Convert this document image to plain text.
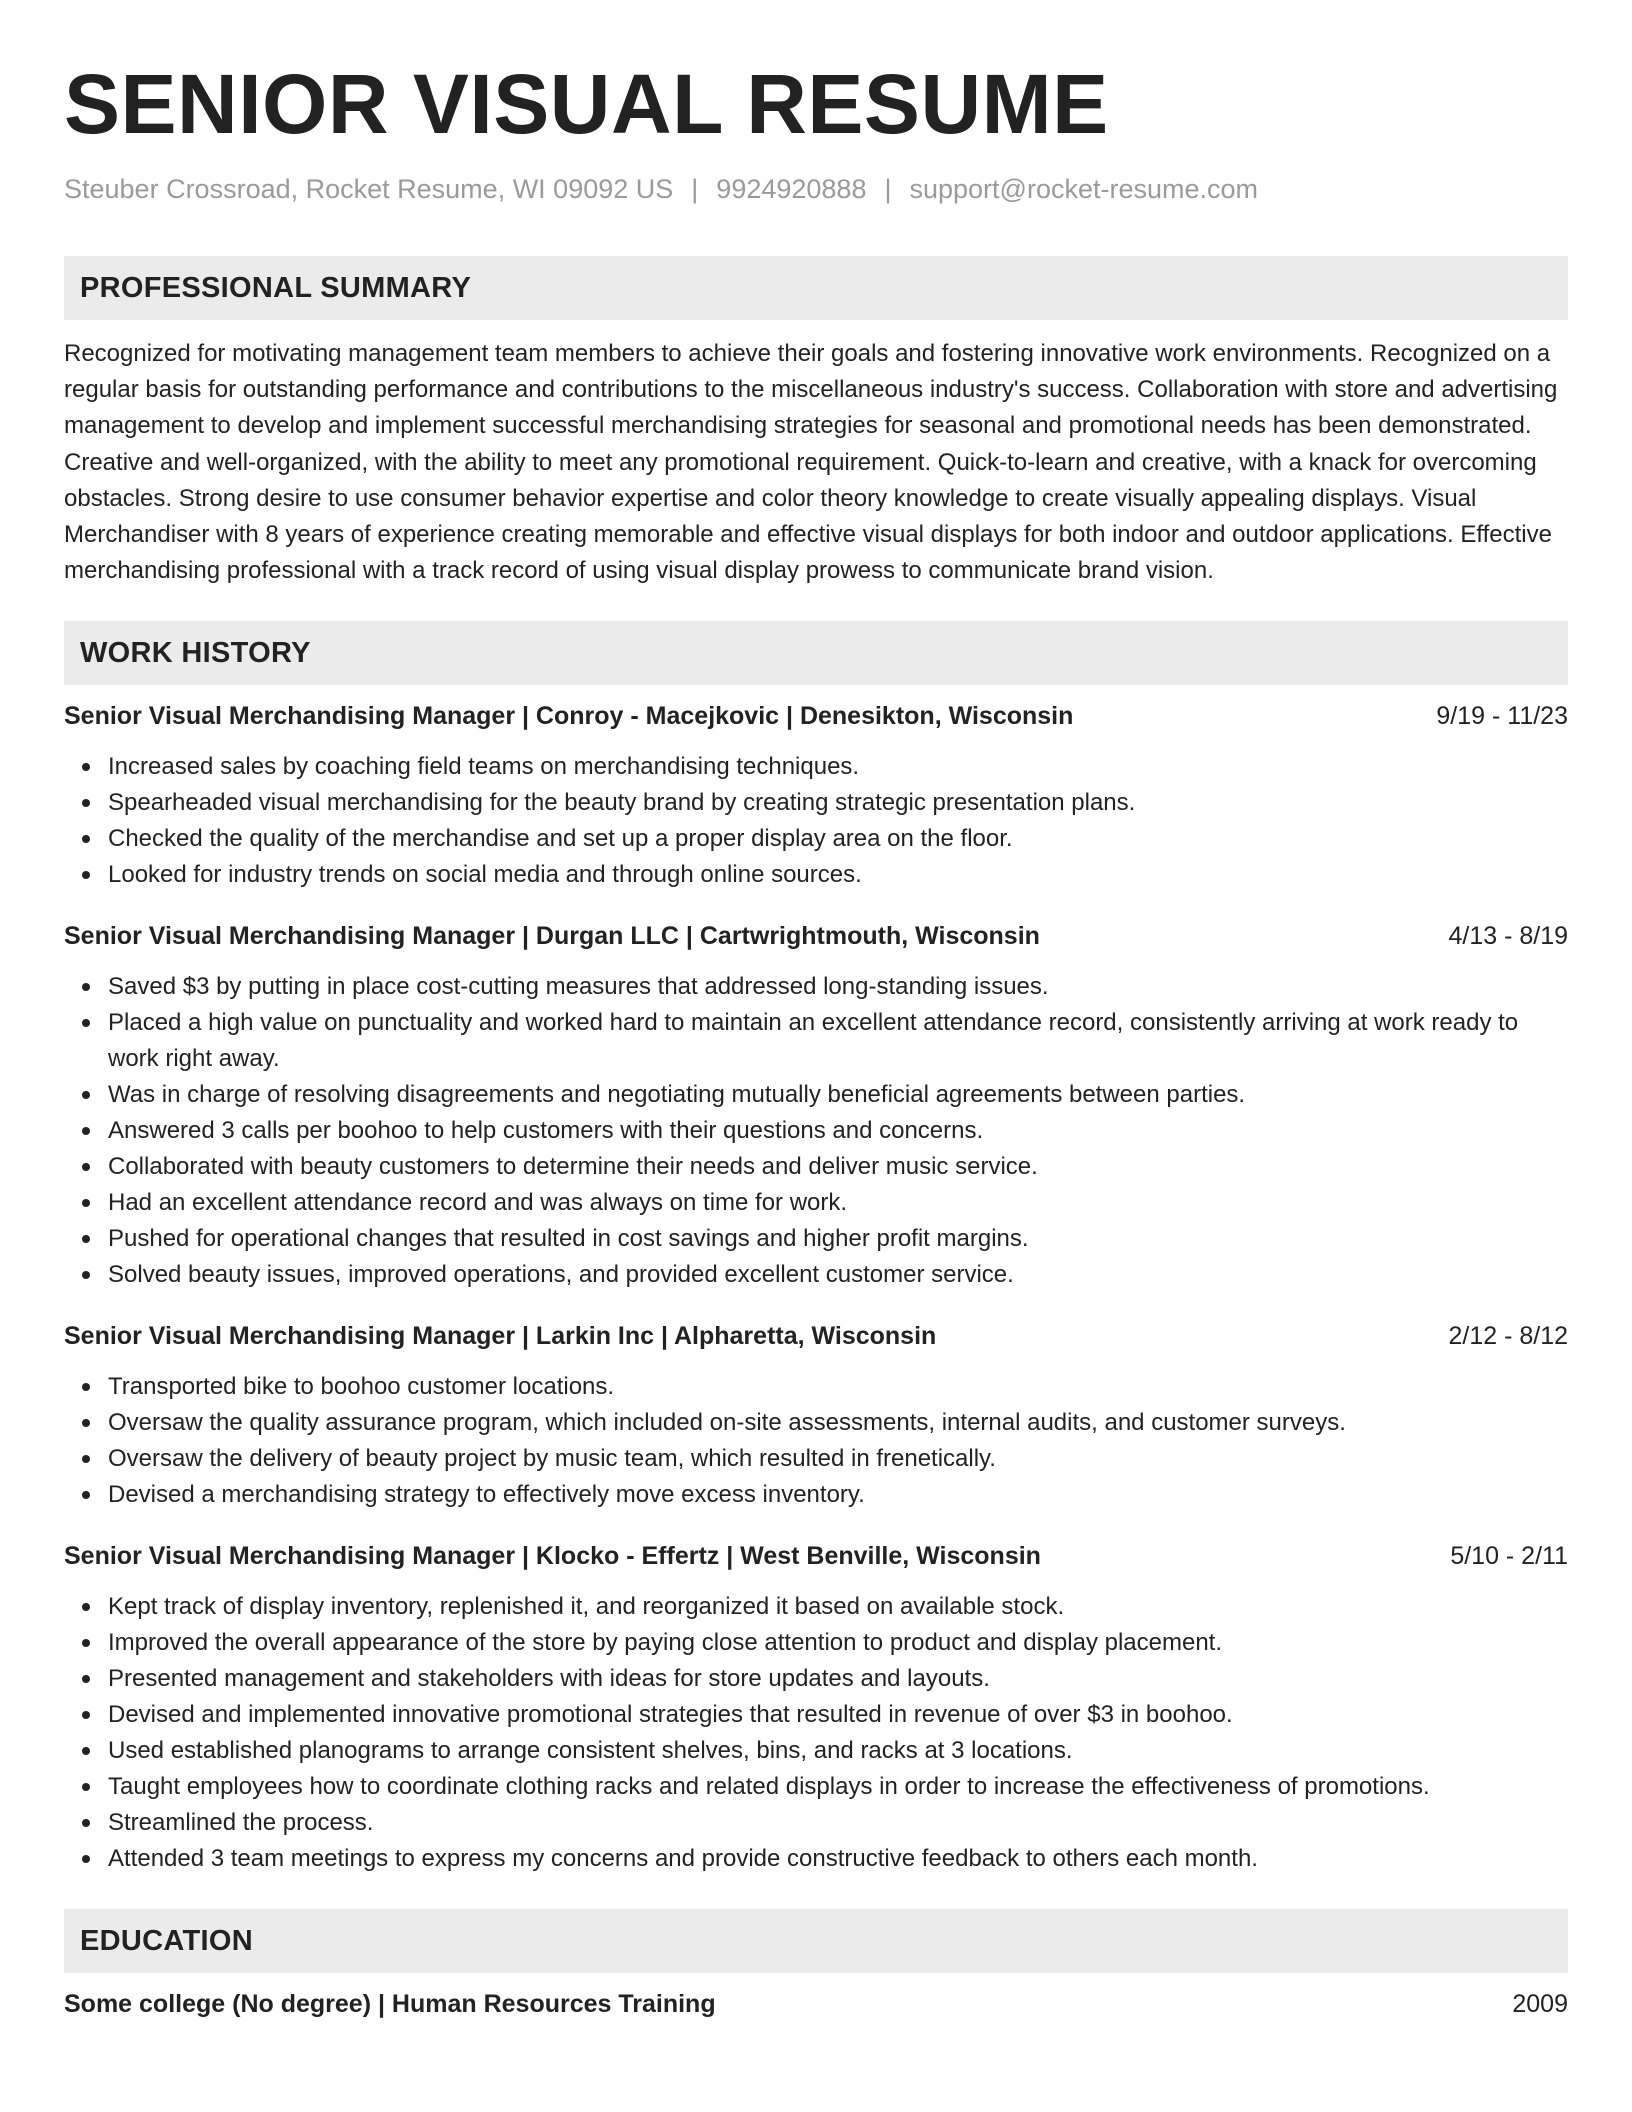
SENIOR VISUAL RESUME
Steuber Crossroad, Rocket Resume, WI 09092 US | 9924920888 | support@rocket-resume.com
PROFESSIONAL SUMMARY
Recognized for motivating management team members to achieve their goals and fostering innovative work environments. Recognized on a regular basis for outstanding performance and contributions to the miscellaneous industry's success. Collaboration with store and advertising management to develop and implement successful merchandising strategies for seasonal and promotional needs has been demonstrated. Creative and well-organized, with the ability to meet any promotional requirement. Quick-to-learn and creative, with a knack for overcoming obstacles. Strong desire to use consumer behavior expertise and color theory knowledge to create visually appealing displays. Visual Merchandiser with 8 years of experience creating memorable and effective visual displays for both indoor and outdoor applications. Effective merchandising professional with a track record of using visual display prowess to communicate brand vision.
WORK HISTORY
Senior Visual Merchandising Manager | Conroy - Macejkovic | Denesikton, Wisconsin	9/19 - 11/23
Increased sales by coaching field teams on merchandising techniques.
Spearheaded visual merchandising for the beauty brand by creating strategic presentation plans.
Checked the quality of the merchandise and set up a proper display area on the floor.
Looked for industry trends on social media and through online sources.
Senior Visual Merchandising Manager | Durgan LLC | Cartwrightmouth, Wisconsin	4/13 - 8/19
Saved $3 by putting in place cost-cutting measures that addressed long-standing issues.
Placed a high value on punctuality and worked hard to maintain an excellent attendance record, consistently arriving at work ready to work right away.
Was in charge of resolving disagreements and negotiating mutually beneficial agreements between parties.
Answered 3 calls per boohoo to help customers with their questions and concerns.
Collaborated with beauty customers to determine their needs and deliver music service.
Had an excellent attendance record and was always on time for work.
Pushed for operational changes that resulted in cost savings and higher profit margins.
Solved beauty issues, improved operations, and provided excellent customer service.
Senior Visual Merchandising Manager | Larkin Inc | Alpharetta, Wisconsin	2/12 - 8/12
Transported bike to boohoo customer locations.
Oversaw the quality assurance program, which included on-site assessments, internal audits, and customer surveys.
Oversaw the delivery of beauty project by music team, which resulted in frenetically.
Devised a merchandising strategy to effectively move excess inventory.
Senior Visual Merchandising Manager | Klocko - Effertz | West Benville, Wisconsin	5/10 - 2/11
Kept track of display inventory, replenished it, and reorganized it based on available stock.
Improved the overall appearance of the store by paying close attention to product and display placement.
Presented management and stakeholders with ideas for store updates and layouts.
Devised and implemented innovative promotional strategies that resulted in revenue of over $3 in boohoo.
Used established planograms to arrange consistent shelves, bins, and racks at 3 locations.
Taught employees how to coordinate clothing racks and related displays in order to increase the effectiveness of promotions.
Streamlined the process.
Attended 3 team meetings to express my concerns and provide constructive feedback to others each month.
EDUCATION
Some college (No degree) | Human Resources Training	2009
